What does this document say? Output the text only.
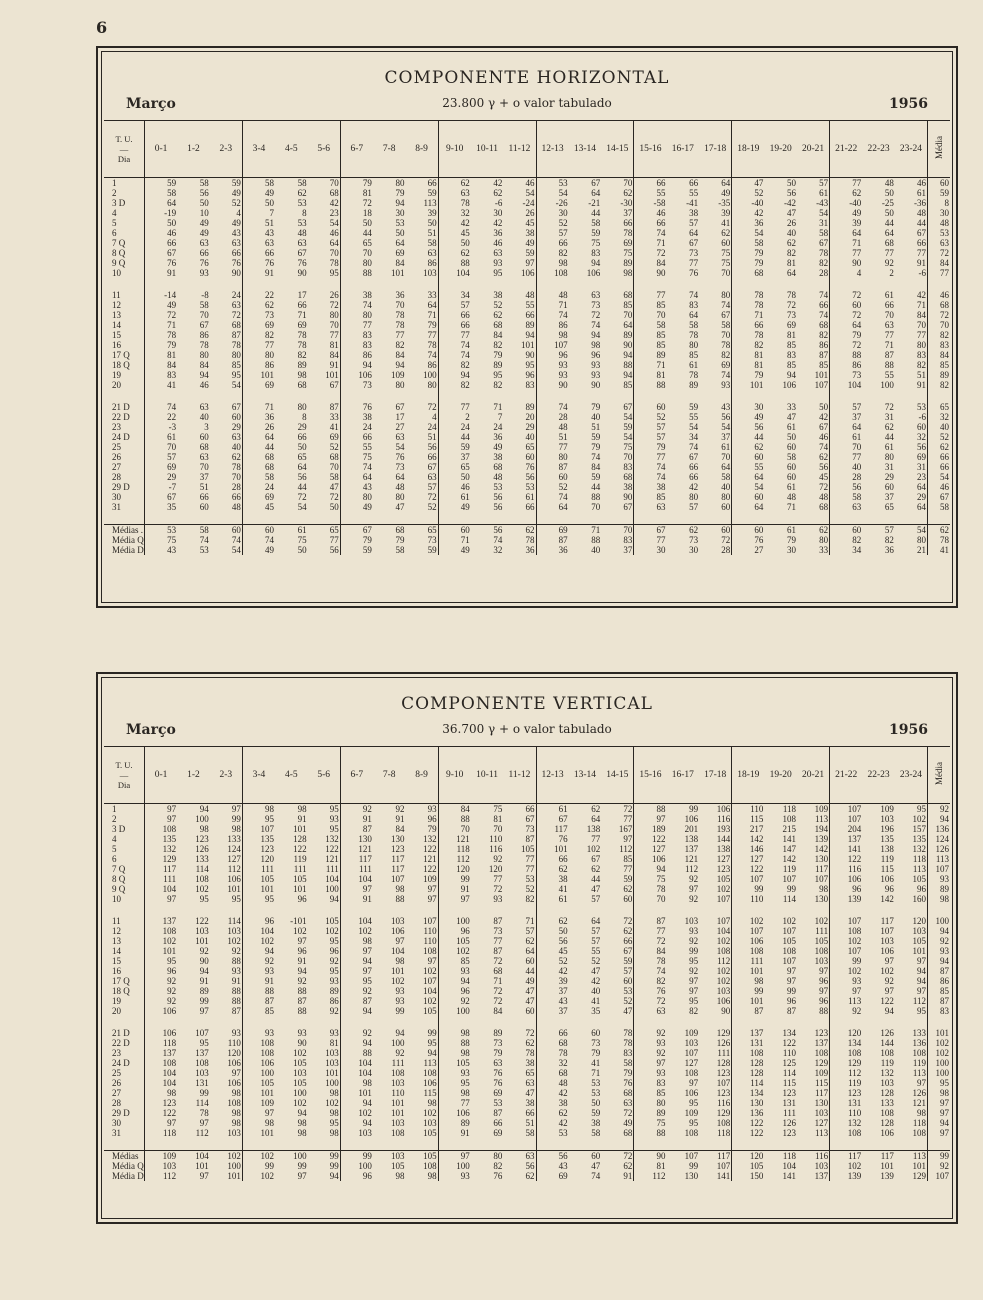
6
COMPONENTE HORIZONTAL
Março	23.800 γ + o valor tabulado	1956
T. U.
—
Dia	0-1	1-2	2-3	3-4	4-5	5-6	6-7	7-8	8-9	9-10	10-11	11-12	12-13	13-14	14-15	15-16	16-17	17-18	18-19	19-20	20-21	21-22	22-23	23-24	Média
1	59	58	59	58	58	70	79	80	66	62	42	46	53	67	70	66	66	64	47	50	57	77	48	46	60
2	58	56	49	49	62	68	81	79	59	63	62	54	54	64	62	55	55	49	52	56	61	62	50	61	59
3 D	64	50	52	50	53	42	72	94	113	78	-6	-24	-26	-21	-30	-58	-41	-35	-40	-42	-43	-40	-25	-36	8
4	-19	10	4	7	8	23	18	30	39	32	30	26	30	44	37	46	38	39	42	47	54	49	50	48	30
5	50	49	49	51	53	54	50	53	50	42	42	45	52	58	66	66	57	41	36	26	31	39	44	44	48
6	46	49	43	43	48	46	44	50	51	45	36	38	57	59	78	74	64	62	54	40	58	64	64	67	53
7 Q	66	63	63	63	63	64	65	64	58	50	46	49	66	75	69	71	67	60	58	62	67	71	68	66	63
8 Q	67	66	66	66	67	70	70	69	63	62	63	59	82	83	75	72	73	75	79	82	78	77	77	77	72
9 Q	76	76	76	76	76	78	80	84	86	88	93	97	98	94	89	84	77	75	79	81	82	90	92	91	84
10	91	93	90	91	90	95	88	101	103	104	95	106	108	106	98	90	76	70	68	64	28	4	2	-6	77

11	-14	-8	24	22	17	26	38	36	33	34	38	48	48	63	68	77	74	80	78	78	74	72	61	42	46
12	49	58	63	62	66	72	74	70	64	57	52	55	71	73	85	85	83	74	78	72	66	60	66	71	68
13	72	70	72	73	71	80	80	78	71	66	62	66	74	72	70	70	64	67	71	73	74	72	70	84	72
14	71	67	68	69	69	70	77	78	79	66	68	89	86	74	64	58	58	58	66	69	68	64	63	70	70
15	78	86	87	82	78	77	83	77	77	77	84	94	98	94	89	85	78	70	78	81	82	79	77	77	82
16	79	78	78	77	78	81	83	82	78	74	82	101	107	98	90	85	80	78	82	85	86	72	71	80	83
17 Q	81	80	80	80	82	84	86	84	74	74	79	90	96	96	94	89	85	82	81	83	87	88	87	83	84
18 Q	84	84	85	86	89	91	94	94	86	82	89	95	93	93	88	71	61	69	81	85	85	86	88	82	85
19	83	94	95	101	98	101	106	109	100	94	95	96	93	93	94	81	78	74	79	94	101	73	55	51	89
20	41	46	54	69	68	67	73	80	80	82	82	83	90	90	85	88	89	93	101	106	107	104	100	91	82

21 D	74	63	67	71	80	87	76	67	72	77	71	89	74	79	67	60	59	43	30	33	50	57	72	53	65
22 D	22	40	60	36	8	33	38	17	4	2	7	20	28	40	54	52	55	56	49	47	42	37	31	-6	32
23	-3	3	29	26	29	41	24	27	24	24	24	29	48	51	59	57	54	54	56	61	67	64	62	60	40
24 D	61	60	63	64	66	69	66	63	51	44	36	40	51	59	54	57	34	37	44	50	46	61	44	32	52
25	70	68	40	44	50	52	55	54	56	59	49	65	77	79	75	79	74	61	62	60	74	70	61	56	62
26	57	63	62	68	65	68	75	76	66	37	38	60	80	74	70	77	67	70	60	58	62	77	80	69	66
27	69	70	78	68	64	70	74	73	67	65	68	76	87	84	83	74	66	64	55	60	56	40	31	31	66
28	29	37	70	58	56	58	64	64	63	50	48	56	60	59	68	74	66	58	64	60	45	28	29	23	54
29 D	-7	51	28	24	44	47	43	48	57	46	53	53	52	44	38	38	42	40	54	61	72	56	60	64	46
30	67	66	66	69	72	72	80	80	72	61	56	61	74	88	90	85	80	80	60	48	48	58	37	29	67
31	35	60	48	45	54	50	49	47	52	49	56	66	64	70	67	63	57	60	64	71	68	63	65	64	58

Médias .	53	58	60	60	61	65	67	68	65	60	56	62	69	71	70	67	62	60	60	61	62	60	57	54	62
Média Q	75	74	74	74	75	77	79	79	73	71	74	78	87	88	83	77	73	72	76	79	80	82	82	80	78
Média D	43	53	54	49	50	56	59	58	59	49	32	36	36	40	37	30	30	28	27	30	33	34	36	21	41
COMPONENTE VERTICAL
Março	36.700 γ + o valor tabulado	1956
T. U.
—
Dia	0-1	1-2	2-3	3-4	4-5	5-6	6-7	7-8	8-9	9-10	10-11	11-12	12-13	13-14	14-15	15-16	16-17	17-18	18-19	19-20	20-21	21-22	22-23	23-24	Média
1	97	94	97	98	98	95	92	92	93	84	75	66	61	62	72	88	99	106	110	118	109	107	109	95	92
2	97	100	99	95	91	93	91	91	96	88	81	67	67	64	77	97	106	116	115	108	113	107	103	102	94
3 D	108	98	98	107	101	95	87	84	79	70	70	73	117	138	167	189	201	193	217	215	194	204	196	157	136
4	135	123	133	135	128	132	130	130	132	121	110	87	76	77	97	122	138	144	142	141	139	137	135	135	124
5	132	126	124	123	122	122	121	123	122	118	116	105	101	102	112	127	137	138	146	147	142	141	138	132	126
6	129	133	127	120	119	121	117	117	121	112	92	77	66	67	85	106	121	127	127	142	130	122	119	118	113
7 Q	117	114	112	111	111	111	111	117	122	120	120	77	62	62	77	94	112	123	122	119	117	116	115	113	107
8 Q	111	108	106	105	105	104	104	107	109	99	77	53	38	44	59	75	92	105	107	107	107	106	106	105	93
9 Q	104	102	101	101	101	100	97	98	97	91	72	52	41	47	62	78	97	102	99	99	98	96	96	96	89
10	97	95	95	95	96	94	91	88	97	97	93	82	61	57	60	70	92	107	110	114	130	139	142	160	98

11	137	122	114	96	-101	105	104	103	107	100	87	71	62	64	72	87	103	107	102	102	102	107	117	120	100
12	108	103	103	104	102	102	102	106	110	96	73	57	50	57	62	77	93	104	107	107	111	108	107	103	94
13	102	101	102	102	97	95	98	97	110	105	77	62	56	57	66	72	92	102	106	105	105	102	103	105	92
14	101	92	92	94	96	96	97	104	108	102	87	64	45	55	67	84	99	108	108	108	108	107	106	101	93
15	95	90	88	92	91	92	94	98	97	85	72	60	52	52	59	78	95	112	111	107	103	99	97	97	94
16	96	94	93	93	94	95	97	101	102	93	68	44	42	47	57	74	92	102	101	97	97	102	102	94	87
17 Q	92	91	91	91	92	93	95	102	107	94	71	49	39	42	60	82	97	102	98	97	96	93	92	94	86
18 Q	92	89	88	88	88	89	92	93	104	96	72	47	37	40	53	76	97	103	99	99	97	97	97	97	85
19	92	99	88	87	87	86	87	93	102	92	72	47	43	41	52	72	95	106	101	96	96	113	122	112	87
20	106	97	87	85	88	92	94	99	105	100	84	60	37	35	47	63	82	90	87	87	88	92	94	95	83

21 D	106	107	93	93	93	93	92	94	99	98	89	72	66	60	78	92	109	129	137	134	123	120	126	133	101
22 D	118	95	110	108	90	81	94	100	95	88	73	62	68	73	78	93	103	126	131	122	137	134	144	136	102
23	137	137	120	108	102	103	88	92	94	98	79	78	78	79	83	92	107	111	108	110	108	108	108	108	102
24 D	108	108	106	106	105	103	104	111	113	105	63	38	32	41	58	97	127	128	128	125	129	129	119	119	100
25	104	103	97	100	103	101	104	108	108	93	76	65	68	71	79	93	108	123	128	114	109	112	132	113	100
26	104	131	106	105	105	100	98	103	106	95	76	63	48	53	76	83	97	107	114	115	115	119	103	97	95
27	98	99	98	101	100	98	101	110	115	98	69	47	42	53	68	85	106	123	134	123	117	123	128	126	98
28	123	114	108	109	102	102	94	101	98	77	53	38	38	50	63	80	95	116	130	131	130	131	133	121	97
29 D	122	78	98	97	94	98	102	101	102	106	87	66	62	59	72	89	109	129	136	111	103	110	108	98	97
30	97	97	98	98	98	95	94	103	103	89	66	51	42	38	49	75	95	108	122	126	127	132	128	118	94
31	118	112	103	101	98	98	103	108	105	91	69	58	53	58	68	88	108	118	122	123	113	108	106	108	97

Médias	109	104	102	102	100	99	99	103	105	97	80	63	56	60	72	90	107	117	120	118	116	117	117	113	99
Média Q	103	101	100	99	99	99	100	105	108	100	82	56	43	47	62	81	99	107	105	104	103	102	101	101	92
Média D	112	97	101	102	97	94	96	98	98	93	76	62	69	74	91	112	130	141	150	141	137	139	139	129	107
